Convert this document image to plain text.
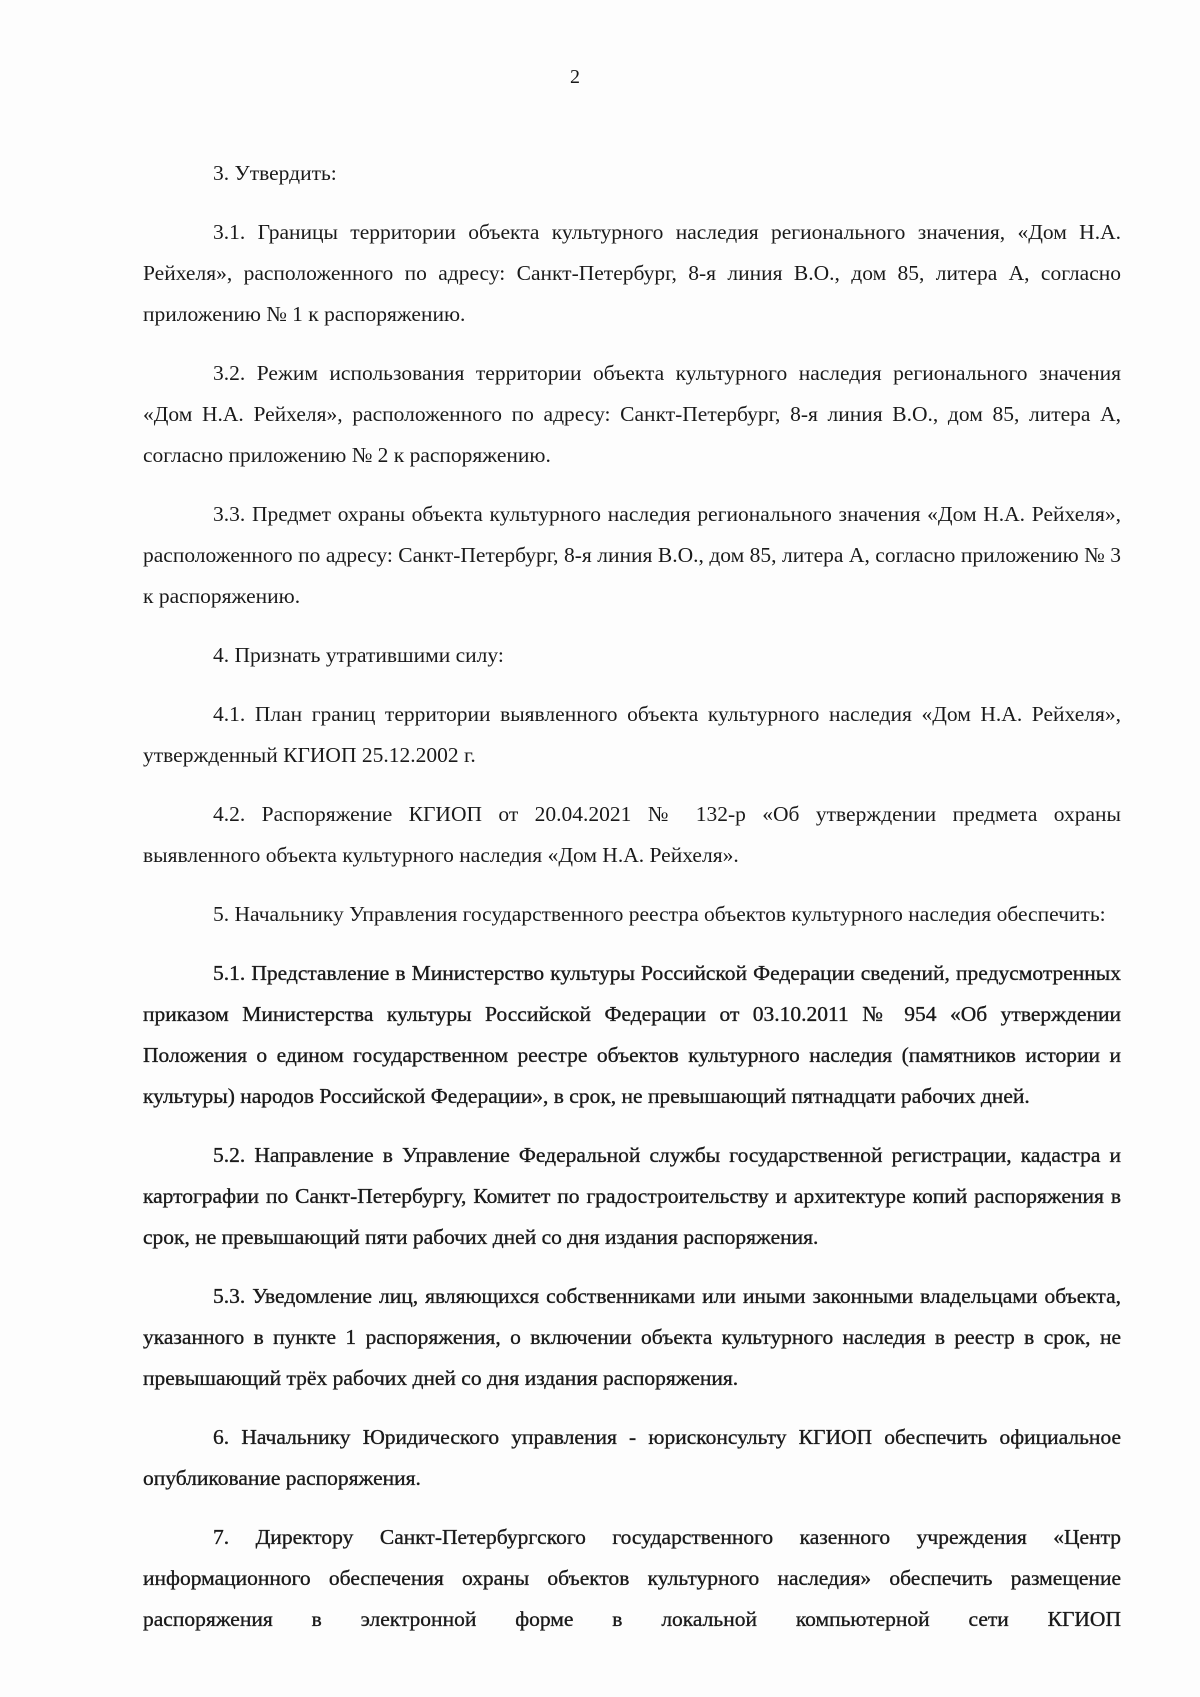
2

3. Утвердить:

3.1. Границы территории объекта культурного наследия регионального значения, «Дом Н.А. Рейхеля», расположенного по адресу: Санкт-Петербург, 8-я линия В.О., дом 85, литера А, согласно приложению № 1 к распоряжению.

3.2. Режим использования территории объекта культурного наследия регионального значения «Дом Н.А. Рейхеля», расположенного по адресу: Санкт-Петербург, 8-я линия В.О., дом 85, литера А, согласно приложению № 2 к распоряжению.

3.3. Предмет охраны объекта культурного наследия регионального значения «Дом Н.А. Рейхеля», расположенного по адресу: Санкт-Петербург, 8-я линия В.О., дом 85, литера А, согласно приложению № 3 к распоряжению.

4. Признать утратившими силу:

4.1. План границ территории выявленного объекта культурного наследия «Дом Н.А. Рейхеля», утвержденный КГИОП 25.12.2002 г.

4.2. Распоряжение КГИОП от 20.04.2021 № 132-р «Об утверждении предмета охраны выявленного объекта культурного наследия «Дом Н.А. Рейхеля».

5. Начальнику Управления государственного реестра объектов культурного наследия обеспечить:

5.1. Представление в Министерство культуры Российской Федерации сведений, предусмотренных приказом Министерства культуры Российской Федерации от 03.10.2011 № 954 «Об утверждении Положения о едином государственном реестре объектов культурного наследия (памятников истории и культуры) народов Российской Федерации», в срок, не превышающий пятнадцати рабочих дней.

5.2. Направление в Управление Федеральной службы государственной регистрации, кадастра и картографии по Санкт-Петербургу, Комитет по градостроительству и архитектуре копий распоряжения в срок, не превышающий пяти рабочих дней со дня издания распоряжения.

5.3. Уведомление лиц, являющихся собственниками или иными законными владельцами объекта, указанного в пункте 1 распоряжения, о включении объекта культурного наследия в реестр в срок, не превышающий трёх рабочих дней со дня издания распоряжения.

6. Начальнику Юридического управления - юрисконсульту КГИОП обеспечить официальное опубликование распоряжения.

7. Директору Санкт-Петербургского государственного казенного учреждения «Центр информационного обеспечения охраны объектов культурного наследия» обеспечить размещение распоряжения в электронной форме в локальной компьютерной сети КГИОП
